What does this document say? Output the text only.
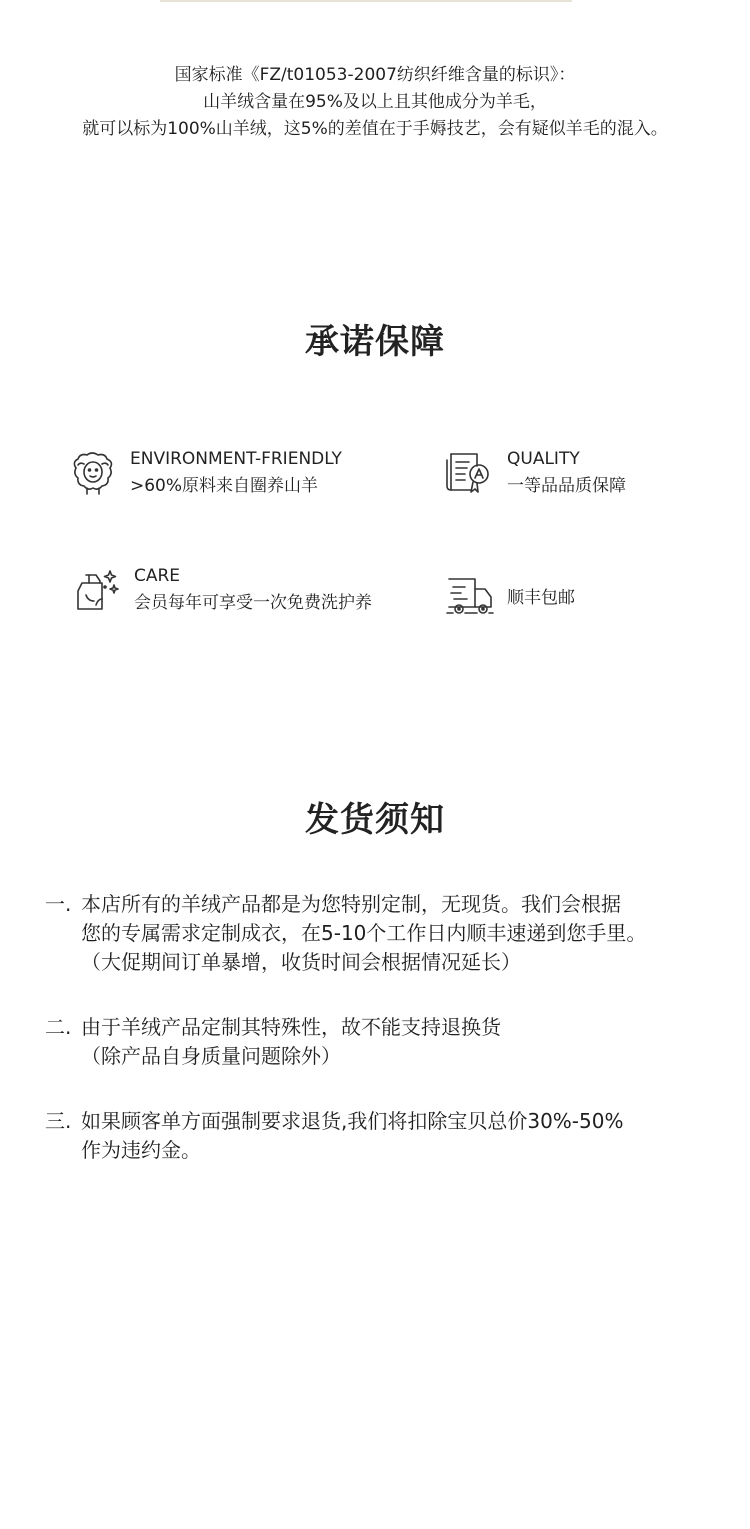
国家标准《FZ/t01053-2007纺织纤维含量的标识》：
山羊绒含量在95%及以上且其他成分为羊毛，
就可以标为100%山羊绒，这5%的差值在于手媷技艺，会有疑似羊毛的混入。
承诺保障
ENVIRONMENT-FRIENDLY
>60%原料来自圈养山羊
QUALITY
一等品品质保障
CARE
会员每年可享受一次免费洗护养	顺丰包邮
发货须知
一. 本店所有的羊绒产品都是为您特别定制，无现货。我们会根据
您的专属需求定制成衣，在5-10个工作日内顺丰速递到您手里。
（大促期间订单暴增，收货时间会根据情况延长）
二. 由于羊绒产品定制其特殊性，故不能支持退换货
（除产品自身质量问题除外）
三. 如果顾客单方面强制要求退货,我们将扣除宝贝总价30%-50%
作为违约金。
